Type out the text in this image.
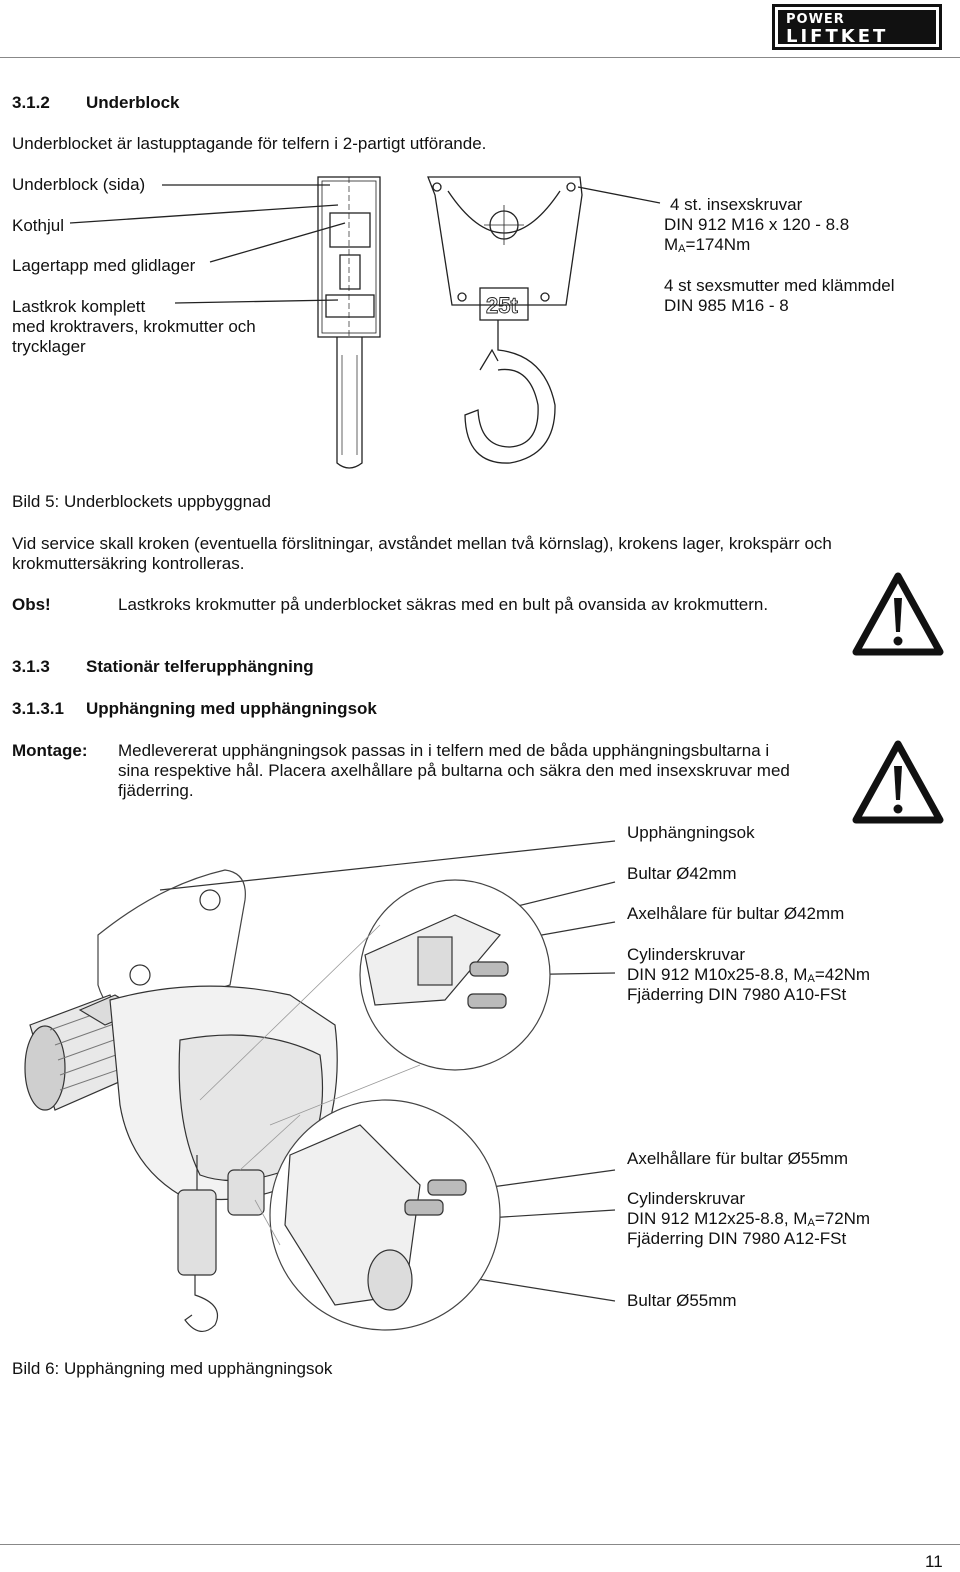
POWER
LIFTKET
3.1.2 Underblock
Underblocket är lastupptagande för telfern i 2-partigt utförande.
Underblock (sida)
Kothjul
Lagertapp med glidlager
Lastkrok komplett
med kroktravers, krokmutter och
trycklager
4 st. insexskruvar
DIN 912 M16 x 120 - 8.8
$M_A=174Nm$
4 st sexsmutter med klämmdel
DIN 985 M16 - 8
25t
Bild 5: Underblockets uppbyggnad
Vid service skall kroken (eventuella förslitningar, avståndet mellan två körnslag), krokens lager, krokspärr och
krokmuttersäkring kontrolleras.
Obs!	Lastkroks krokmutter på underblocket säkras med en bult på ovansida av krokmuttern.
3.1.3 Stationär telferupphängning
3.1.3.1 Upphängning med upphängningsok
Montage: Medlevererat upphängningsok passas in i telfern med de båda upphängningsbultarna i
sina respektive hål. Placera axelhållare på bultarna och säkra den med insexskruvar med
fjäderring.
Upphängningsok
Bultar Ø42mm
Axelhålare für bultar Ø42mm
Cylinderskruvar
DIN 912 M10x25-8.8, $M_A=42Nm$
Fjäderring DIN 7980 A10-FSt
Axelhållare für bultar Ø55mm
Cylinderskruvar
DIN 912 M12x25-8.8, $M_A=72Nm$
Fjäderring DIN 7980 A12-FSt
Bultar Ø55mm
Bild 6: Upphängning med upphängningsok
11
